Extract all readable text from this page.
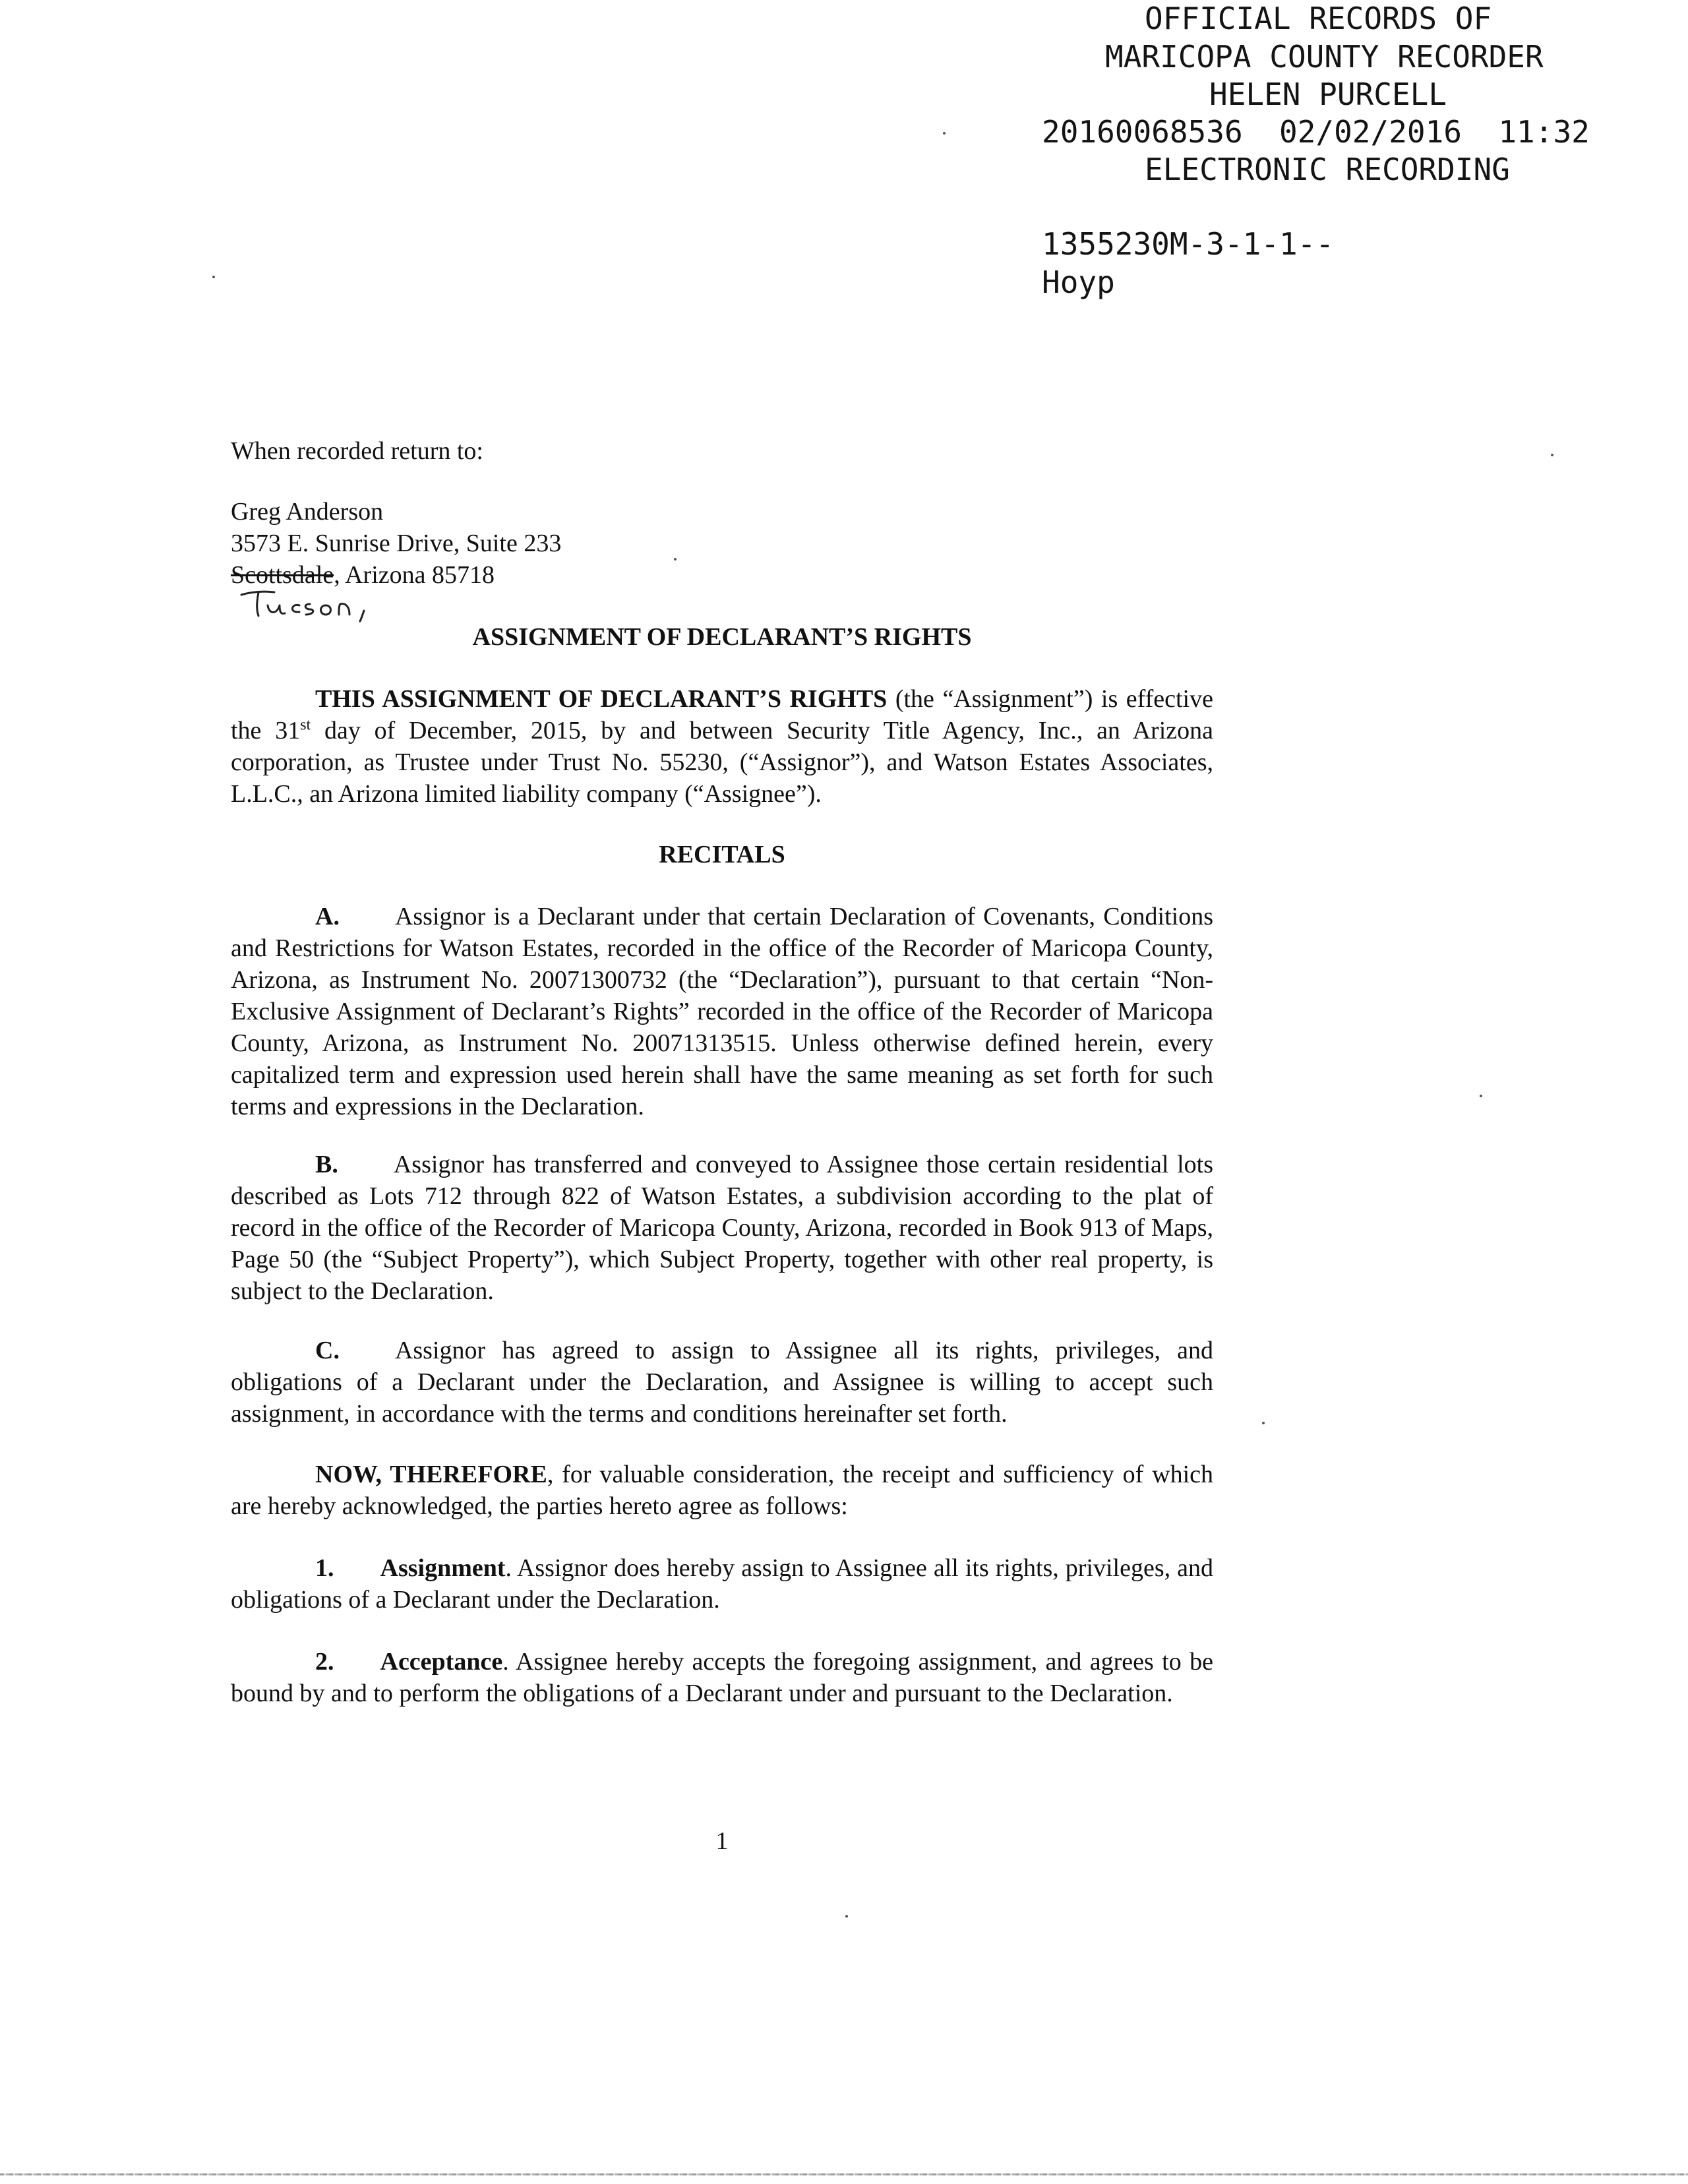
OFFICIAL RECORDS OF

MARICOPA COUNTY RECORDER

HELEN PURCELL

20160068536  02/02/2016  11:32

ELECTRONIC RECORDING

1355230M-3-1-1--

Hoyp

When recorded return to:
Greg Anderson
3573 E. Sunrise Drive, Suite 233
Scottsdale, Arizona 85718
ASSIGNMENT OF DECLARANT’S RIGHTS
THIS ASSIGNMENT OF DECLARANT’S RIGHTS (the “Assignment”) is effective the 31st day of December, 2015, by and between Security Title Agency, Inc., an Arizona corporation, as Trustee under Trust No. 55230, (“Assignor”), and Watson Estates Associates, L.L.C., an Arizona limited liability company (“Assignee”).
RECITALS
A. Assignor is a Declarant under that certain Declaration of Covenants, Conditions and Restrictions for Watson Estates, recorded in the office of the Recorder of Maricopa County, Arizona, as Instrument No. 20071300732 (the “Declaration”), pursuant to that certain “Non-Exclusive Assignment of Declarant’s Rights” recorded in the office of the Recorder of Maricopa County, Arizona, as Instrument No. 20071313515. Unless otherwise defined herein, every capitalized term and expression used herein shall have the same meaning as set forth for such terms and expressions in the Declaration.
B. Assignor has transferred and conveyed to Assignee those certain residential lots described as Lots 712 through 822 of Watson Estates, a subdivision according to the plat of record in the office of the Recorder of Maricopa County, Arizona, recorded in Book 913 of Maps, Page 50 (the “Subject Property”), which Subject Property, together with other real property, is subject to the Declaration.
C. Assignor has agreed to assign to Assignee all its rights, privileges, and obligations of a Declarant under the Declaration, and Assignee is willing to accept such assignment, in accordance with the terms and conditions hereinafter set forth.
NOW, THEREFORE, for valuable consideration, the receipt and sufficiency of which are hereby acknowledged, the parties hereto agree as follows:
1. Assignment. Assignor does hereby assign to Assignee all its rights, privileges, and obligations of a Declarant under the Declaration.
2. Acceptance. Assignee hereby accepts the foregoing assignment, and agrees to be bound by and to perform the obligations of a Declarant under and pursuant to the Declaration.
1
